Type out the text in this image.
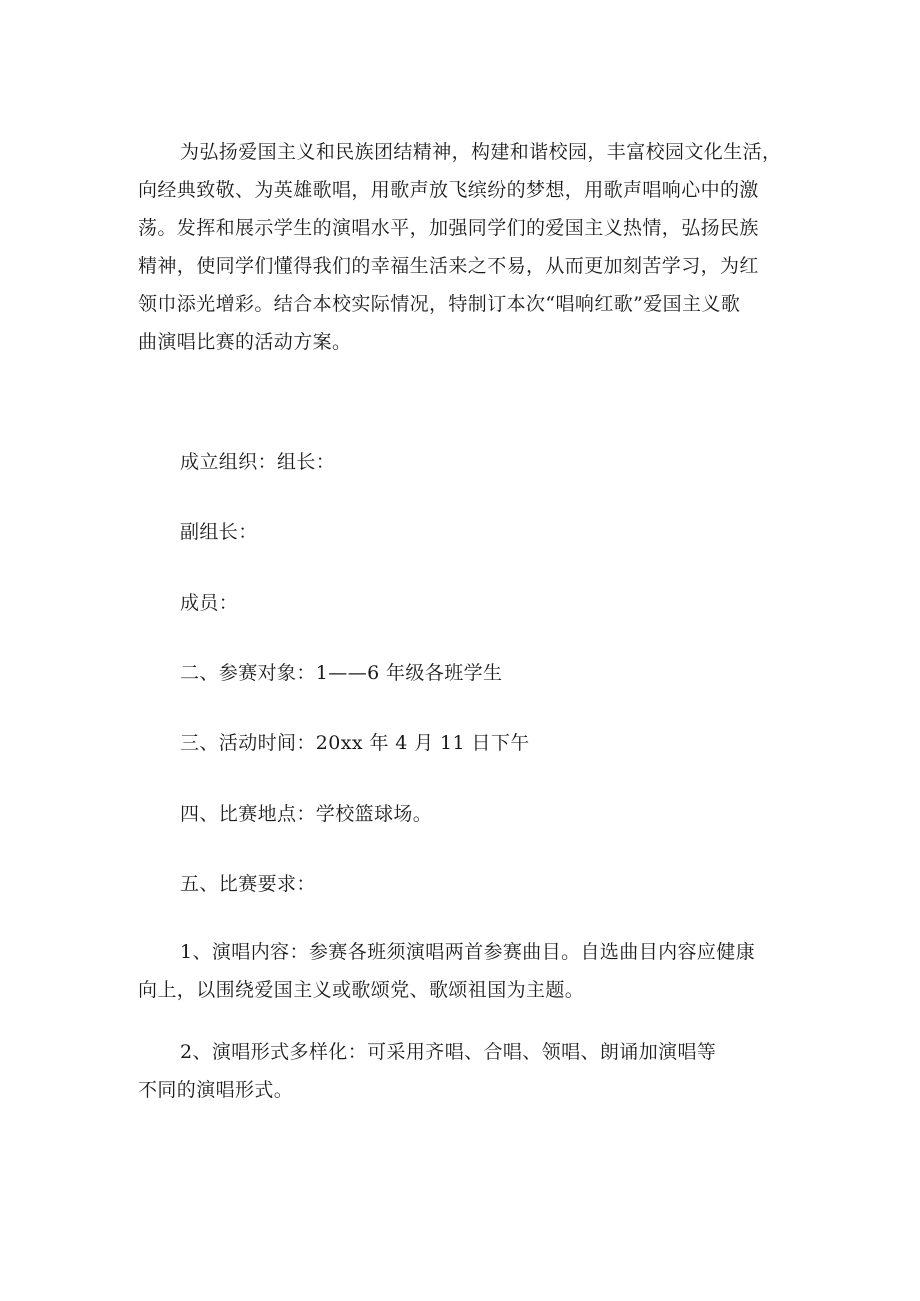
为弘扬爱国主义和民族团结精神，构建和谐校园，丰富校园文化生活，
向经典致敬、为英雄歌唱，用歌声放飞缤纷的梦想，用歌声唱响心中的激
荡。发挥和展示学生的演唱水平，加强同学们的爱国主义热情，弘扬民族
精神，使同学们懂得我们的幸福生活来之不易，从而更加刻苦学习，为红
领巾添光增彩。结合本校实际情况，特制订本次“唱响红歌”爱国主义歌
曲演唱比赛的活动方案。

成立组织：组长：

副组长：

成员：

二、参赛对象：1——6 年级各班学生

三、活动时间：20xx 年 4 月 11 日下午

四、比赛地点：学校篮球场。

五、比赛要求：

1、演唱内容：参赛各班须演唱两首参赛曲目。自选曲目内容应健康
向上，以围绕爱国主义或歌颂党、歌颂祖国为主题。
2、演唱形式多样化：可采用齐唱、合唱、领唱、朗诵加演唱等
不同的演唱形式。
